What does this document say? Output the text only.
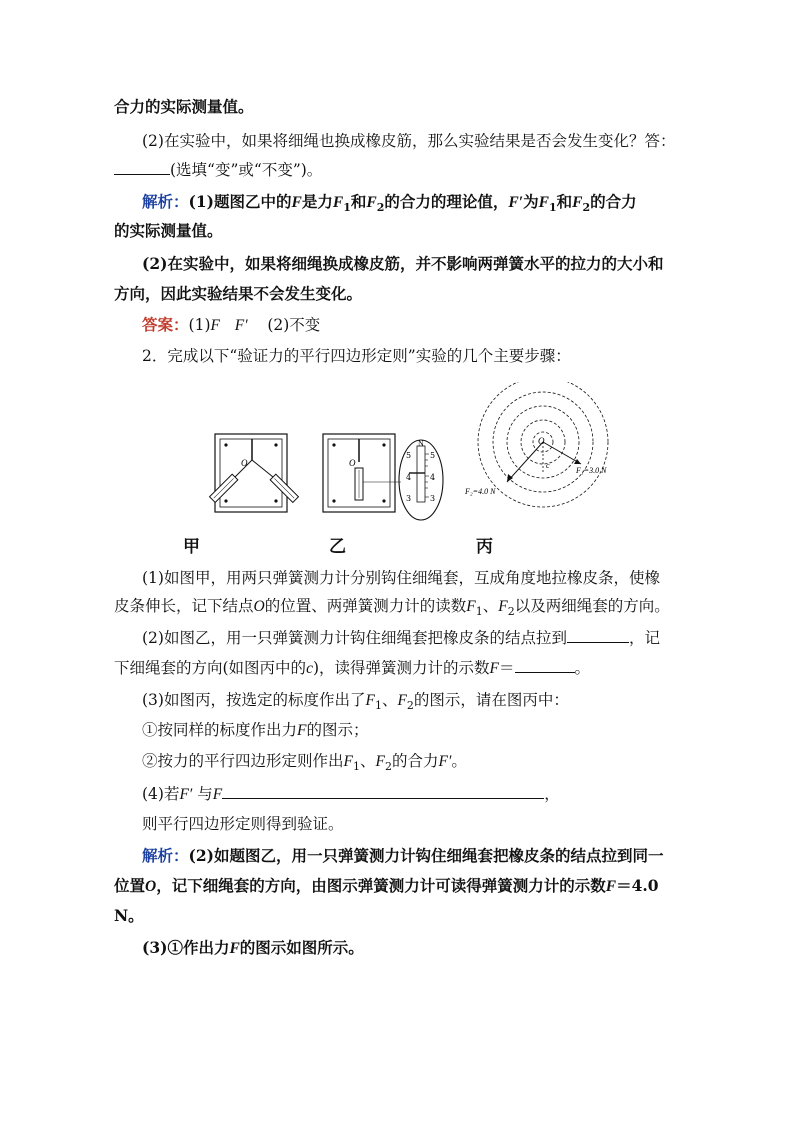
合力的实际测量值。
(2)在实验中，如果将细绳也换成橡皮筋，那么实验结果是否会发生变化？答：
(选填“变”或“不变”)。
解析：(1)题图乙中的F是力$F_1$和$F_2$的合力的理论值，F′为$F_1$和$F_2$的合力
的实际测量值。
(2)在实验中，如果将细绳换成橡皮筋，并不影响两弹簧水平的拉力的大小和
方向，因此实验结果不会发生变化。
答案：(1)F F′ (2)不变
2．完成以下“验证力的平行四边形定则”实验的几个主要步骤：
O	O
N
5
4
3
5
4
3
O
c
F₁=3.0 N
F₂=4.0 N
甲	乙	丙
(1)如图甲，用两只弹簧测力计分别钩住细绳套，互成角度地拉橡皮条，使橡
皮条伸长，记下结点O的位置、两弹簧测力计的读数$F_1$、$F_2$以及两细绳套的方向。
(2)如图乙，用一只弹簧测力计钩住细绳套把橡皮条的结点拉到	，记
下细绳套的方向(如图丙中的c)，读得弹簧测力计的示数F＝	。
(3)如图丙，按选定的标度作出了$F_1$、$F_2$的图示，请在图丙中：
①按同样的标度作出力F的图示；
②按力的平行四边形定则作出$F_1$、$F_2$的合力F′。
(4)若F′ 与F	，
则平行四边形定则得到验证。
解析：(2)如题图乙，用一只弹簧测力计钩住细绳套把橡皮条的结点拉到同一
位置O，记下细绳套的方向，由图示弹簧测力计可读得弹簧测力计的示数F＝4.0
N。
(3)①作出力F的图示如图所示。
